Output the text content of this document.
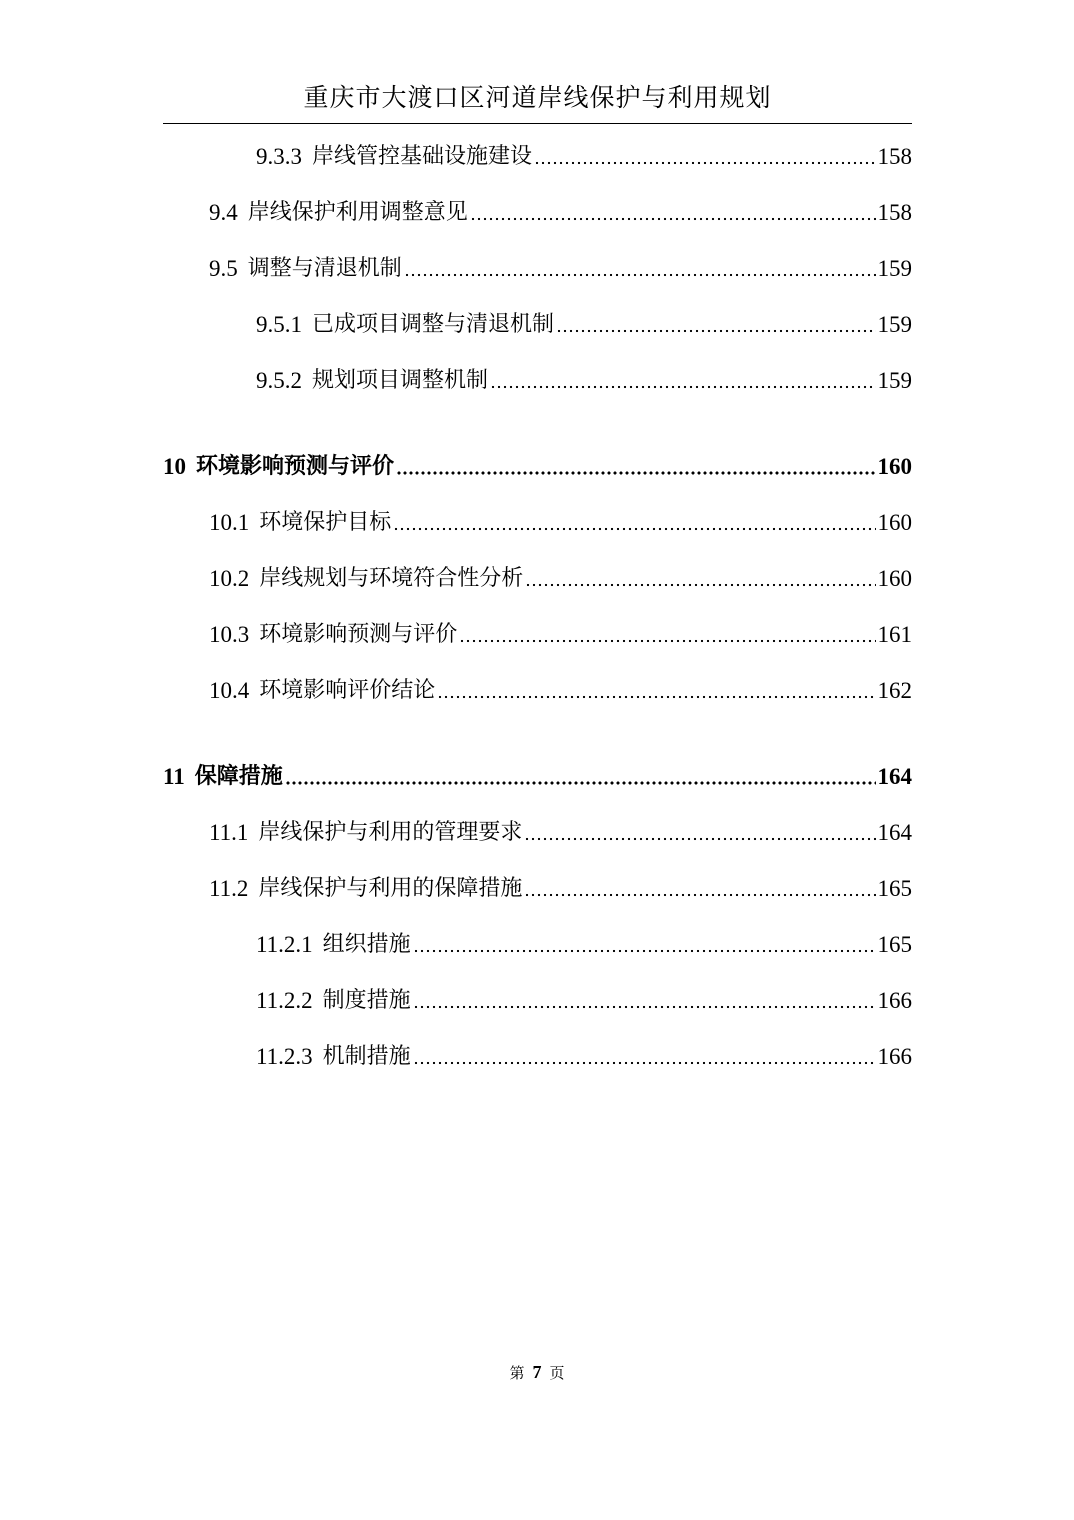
重庆市大渡口区河道岸线保护与利用规划
9.3.3 岸线管控基础设施建设	158
9.4 岸线保护利用调整意见	158
9.5 调整与清退机制	159
9.5.1 已成项目调整与清退机制	159
9.5.2 规划项目调整机制	159
10 环境影响预测与评价	160
10.1 环境保护目标	160
10.2 岸线规划与环境符合性分析	160
10.3 环境影响预测与评价	161
10.4 环境影响评价结论	162
11 保障措施	164
11.1 岸线保护与利用的管理要求	164
11.2 岸线保护与利用的保障措施	165
11.2.1 组织措施	165
11.2.2 制度措施	166
11.2.3 机制措施	166
第 7 页
